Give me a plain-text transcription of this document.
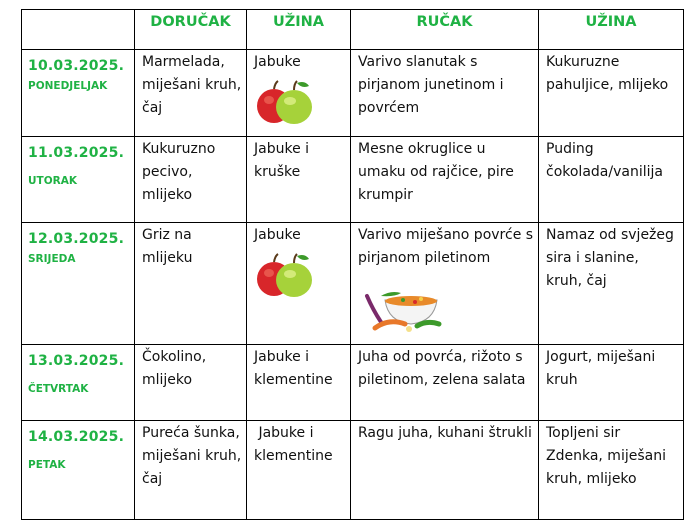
	DORUČAK	UŽINA	RUČAK	UŽINA

10.03.2025.
PONEDJELJAK	Marmelada, miješani kruh, čaj	Jabuke	Varivo slanutak s pirjanom junetinom i povrćem	Kukuruzne pahuljice, mlijeko

11.03.2025.
UTORAK	Kukuruzno pecivo, mlijeko	Jabuke i kruške	Mesne okruglice u umaku od rajčice, pire krumpir	Puding čokolada/vanilija

12.03.2025.
SRIJEDA	Griz na mlijeku	Jabuke	Varivo miješano povrće s pirjanom piletinom	Namaz od svježeg sira i slanine, kruh, čaj

13.03.2025.
ČETVRTAK	Čokolino, mlijeko	Jabuke i klementine	Juha od povrća, rižoto s piletinom, zelena salata	Jogurt, miješani kruh

14.03.2025.
PETAK	Pureća šunka, miješani kruh, čaj	Jabuke i klementine	Ragu juha, kuhani štrukli	Topljeni sir Zdenka, miješani kruh, mlijeko
